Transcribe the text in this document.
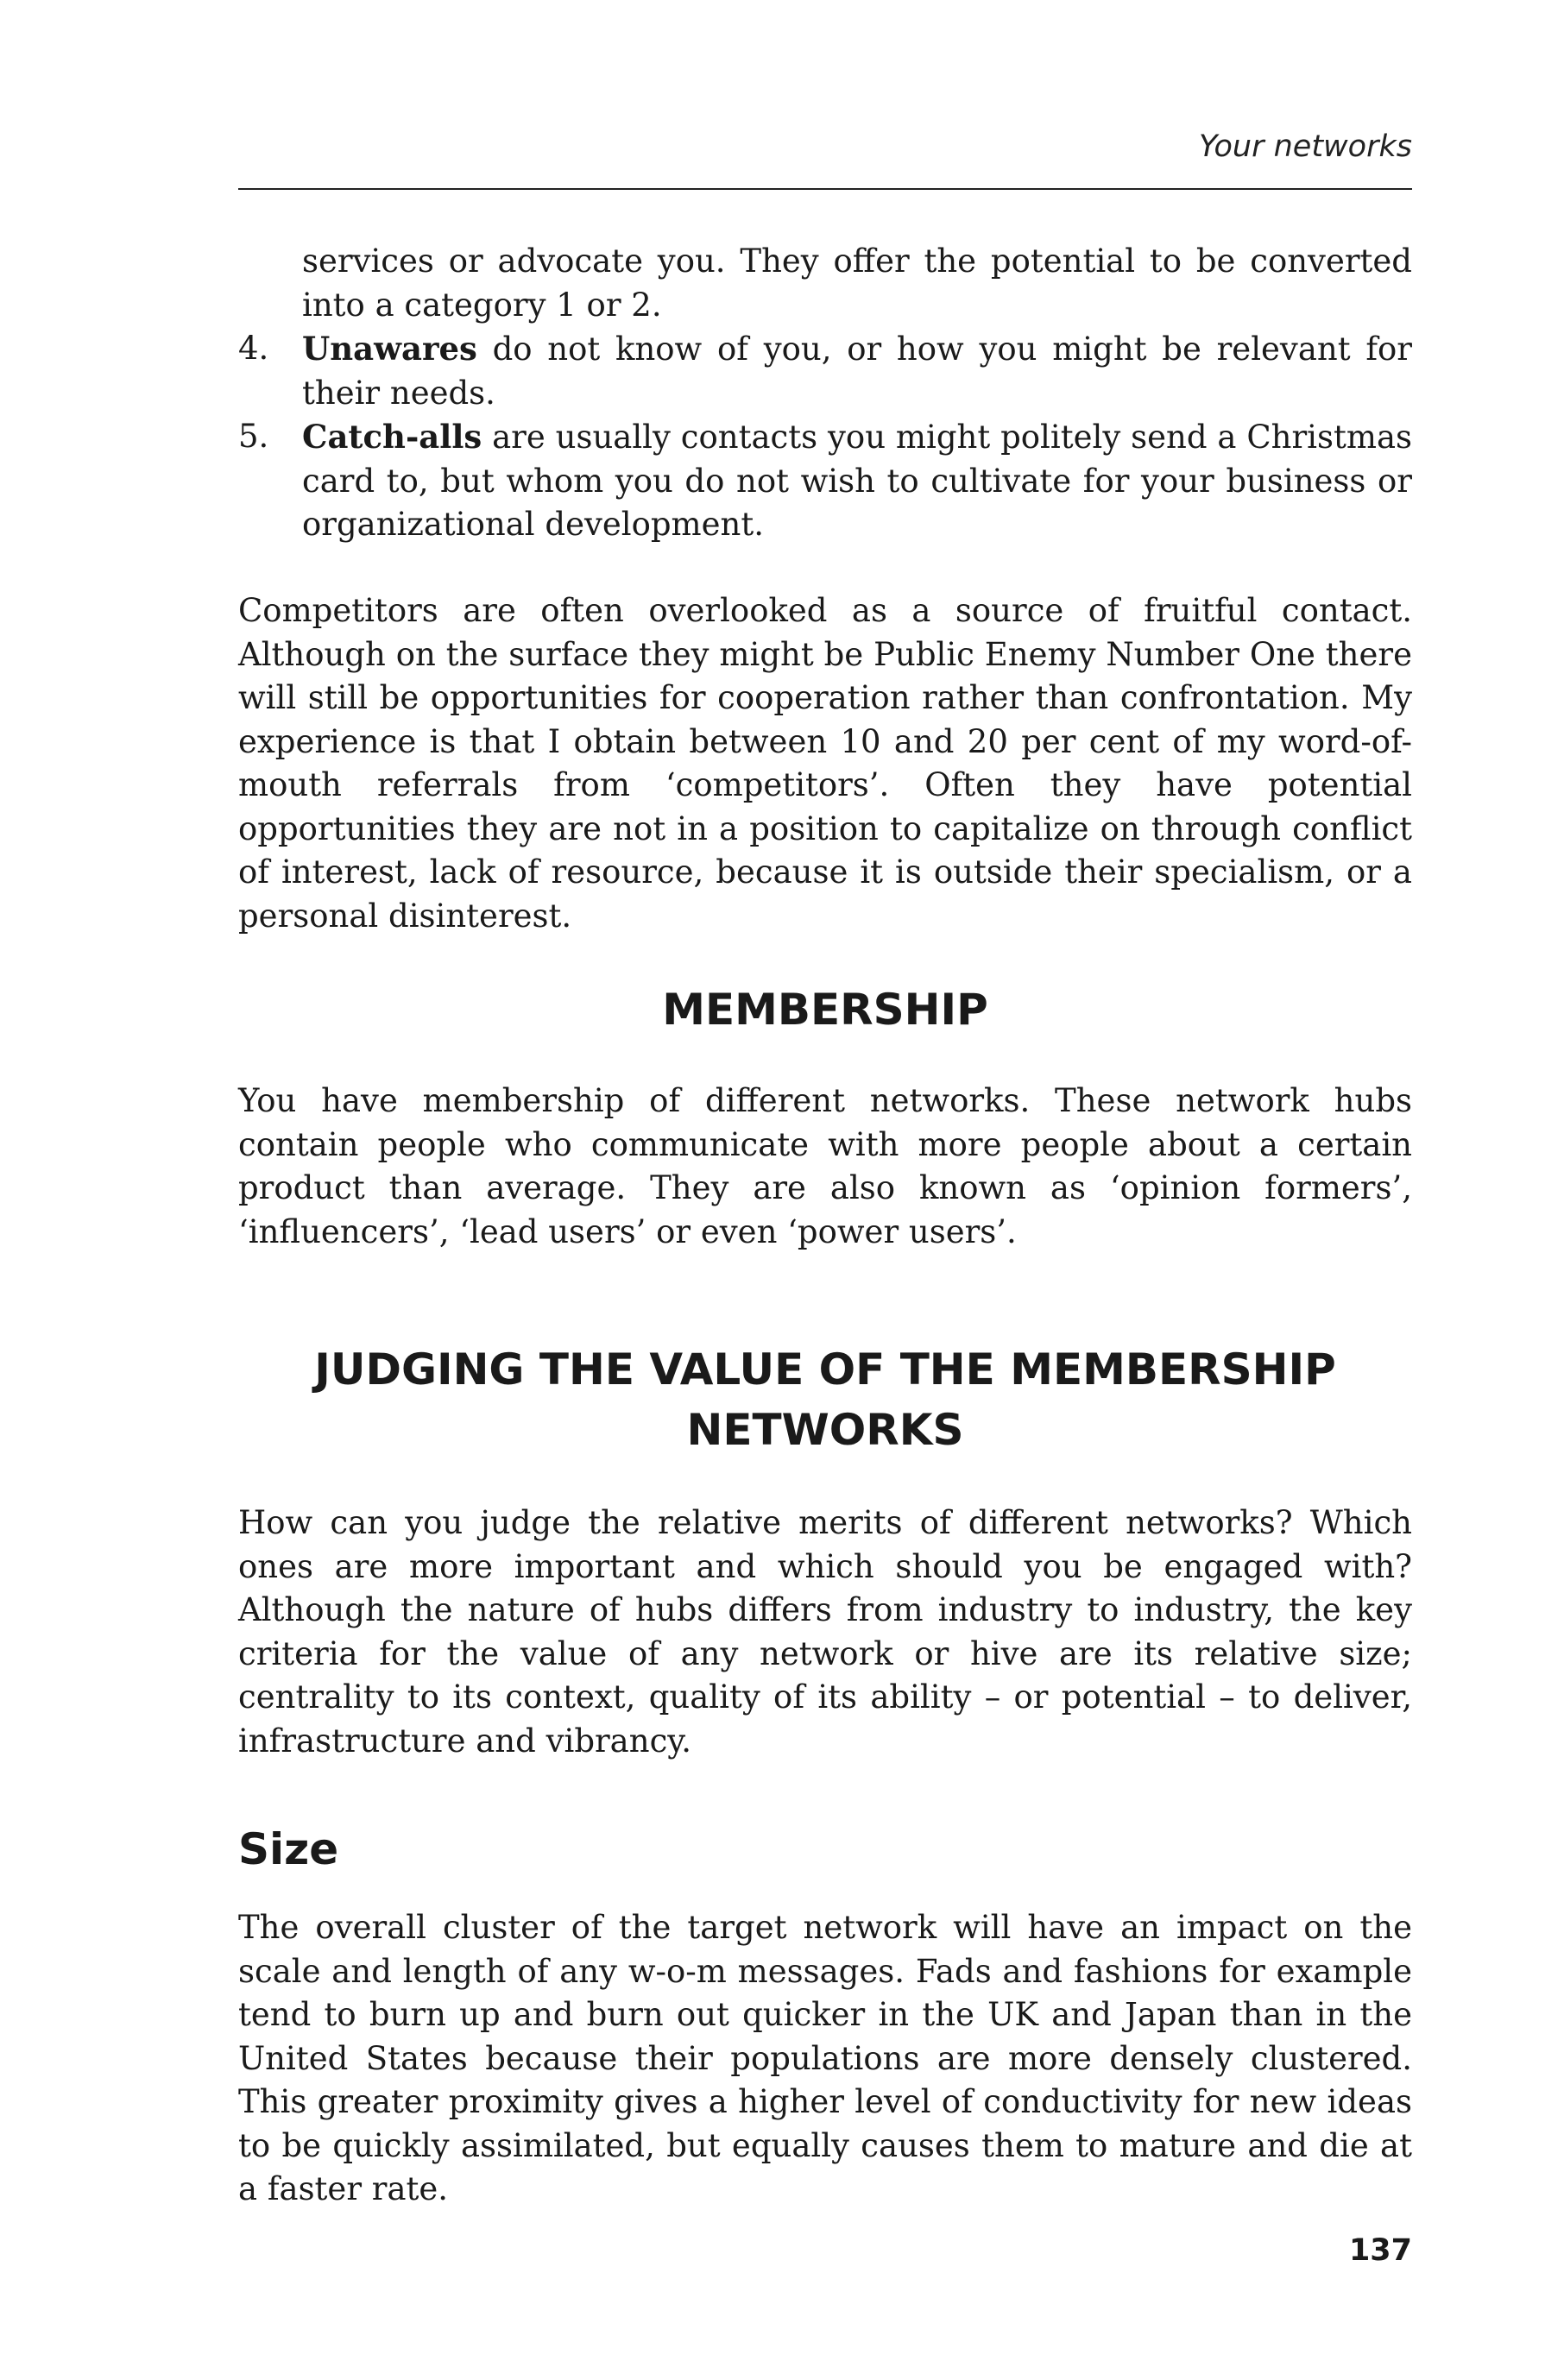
Your networks

services or advocate you. They offer the potential to be converted into a category 1 or 2.

4. Unawares do not know of you, or how you might be relevant for their needs.
5. Catch-alls are usually contacts you might politely send a Christmas card to, but whom you do not wish to cultivate for your business or organizational development.

Competitors are often overlooked as a source of fruitful contact. Although on the surface they might be Public Enemy Number One there will still be opportunities for cooperation rather than confrontation. My experience is that I obtain between 10 and 20 per cent of my word-of-mouth referrals from ‘competitors’. Often they have potential opportunities they are not in a position to capitalize on through conflict of interest, lack of resource, because it is outside their specialism, or a personal disinterest.

MEMBERSHIP

You have membership of different networks. These network hubs contain people who communicate with more people about a certain product than average. They are also known as ‘opinion formers’, ‘influencers’, ‘lead users’ or even ‘power users’.

JUDGING THE VALUE OF THE MEMBERSHIP
NETWORKS

How can you judge the relative merits of different networks? Which ones are more important and which should you be engaged with? Although the nature of hubs differs from industry to industry, the key criteria for the value of any network or hive are its relative size; centrality to its context, quality of its ability – or potential – to deliver, infrastructure and vibrancy.

Size

The overall cluster of the target network will have an impact on the scale and length of any w-o-m messages. Fads and fashions for example tend to burn up and burn out quicker in the UK and Japan than in the United States because their populations are more densely clustered. This greater proximity gives a higher level of conductivity for new ideas to be quickly assimilated, but equally causes them to mature and die at a faster rate.

137
